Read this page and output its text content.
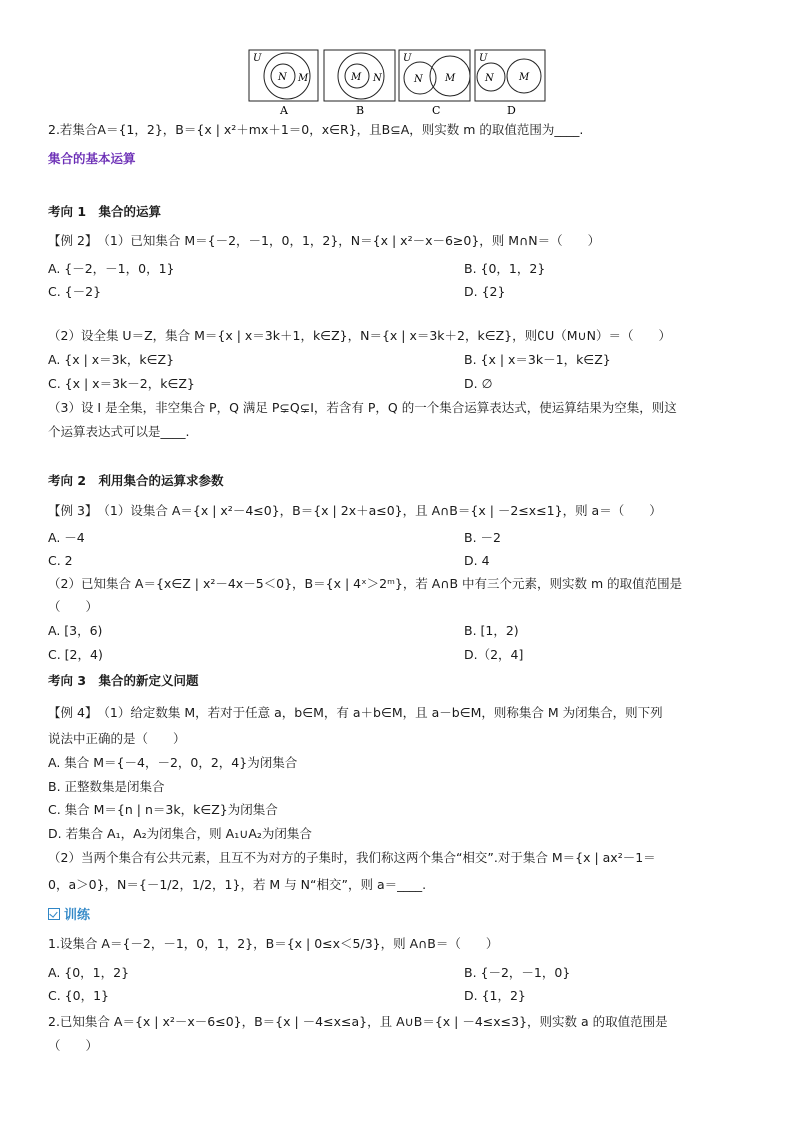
U
N M
A
M N
B
U
N M
C
U
N	M
D
2.若集合A＝{1，2}，B＝{x | x²＋mx＋1＝0，x∈R}，且B⊆A，则实数 m 的取值范围为____.
集合的基本运算
考向 1　集合的运算
【例 2】　（1）已知集合 M＝{－2，－1，0，1，2}，N＝{x | x²－x－6≥0}，则 M∩N＝（　　）
A. {－2，－1，0，1}	B. {0，1，2}
C. {－2}	D. {2}
（2）设全集 U＝Z，集合 M＝{x | x＝3k＋1，k∈Z}，N＝{x | x＝3k＋2，k∈Z}，则∁U（M∪N）＝（　　）
A. {x | x＝3k，k∈Z}	B. {x | x＝3k－1，k∈Z}
C. {x | x＝3k－2，k∈Z}	D. ∅
（3）设 I 是全集，非空集合 P，Q 满足 P⊊Q⊊I，若含有 P，Q 的一个集合运算表达式，使运算结果为空集，则这
个运算表达式可以是____.
考向 2　利用集合的运算求参数
【例 3】　（1）设集合 A＝{x | x²－4≤0}，B＝{x | 2x＋a≤0}，且 A∩B＝{x | －2≤x≤1}，则 a＝（　　）
A. －4	B. －2
C. 2	D. 4
（2）已知集合 A＝{x∈Z | x²－4x－5＜0}，B＝{x | 4ˣ＞2ᵐ}，若 A∩B 中有三个元素，则实数 m 的取值范围是
（　　）
A. [3，6)	B. [1，2)
C. [2，4)	D.（2，4]
考向 3　集合的新定义问题
【例 4】　（1）给定数集 M，若对于任意 a，b∈M，有 a＋b∈M，且 a－b∈M，则称集合 M 为闭集合，则下列
说法中正确的是（　　）
A. 集合 M＝{－4，－2，0，2，4}为闭集合
B. 正整数集是闭集合
C. 集合 M＝{n | n＝3k，k∈Z}为闭集合
D. 若集合 A₁，A₂为闭集合，则 A₁∪A₂为闭集合
（2）当两个集合有公共元素，且互不为对方的子集时，我们称这两个集合“相交”.对于集合 M＝{x | ax²－1＝
0，a＞0}，N＝{－1/2，1/2，1}，若 M 与 N“相交”，则 a＝____.
训练
1.设集合 A＝{－2，－1，0，1，2}，B＝{x | 0≤x＜5/3}，则 A∩B＝（　　）
A. {0，1，2}	B. {－2，－1，0}
C. {0，1}	D. {1，2}
2.已知集合 A＝{x | x²－x－6≤0}，B＝{x | －4≤x≤a}，且 A∪B＝{x | －4≤x≤3}，则实数 a 的取值范围是
（　　）
